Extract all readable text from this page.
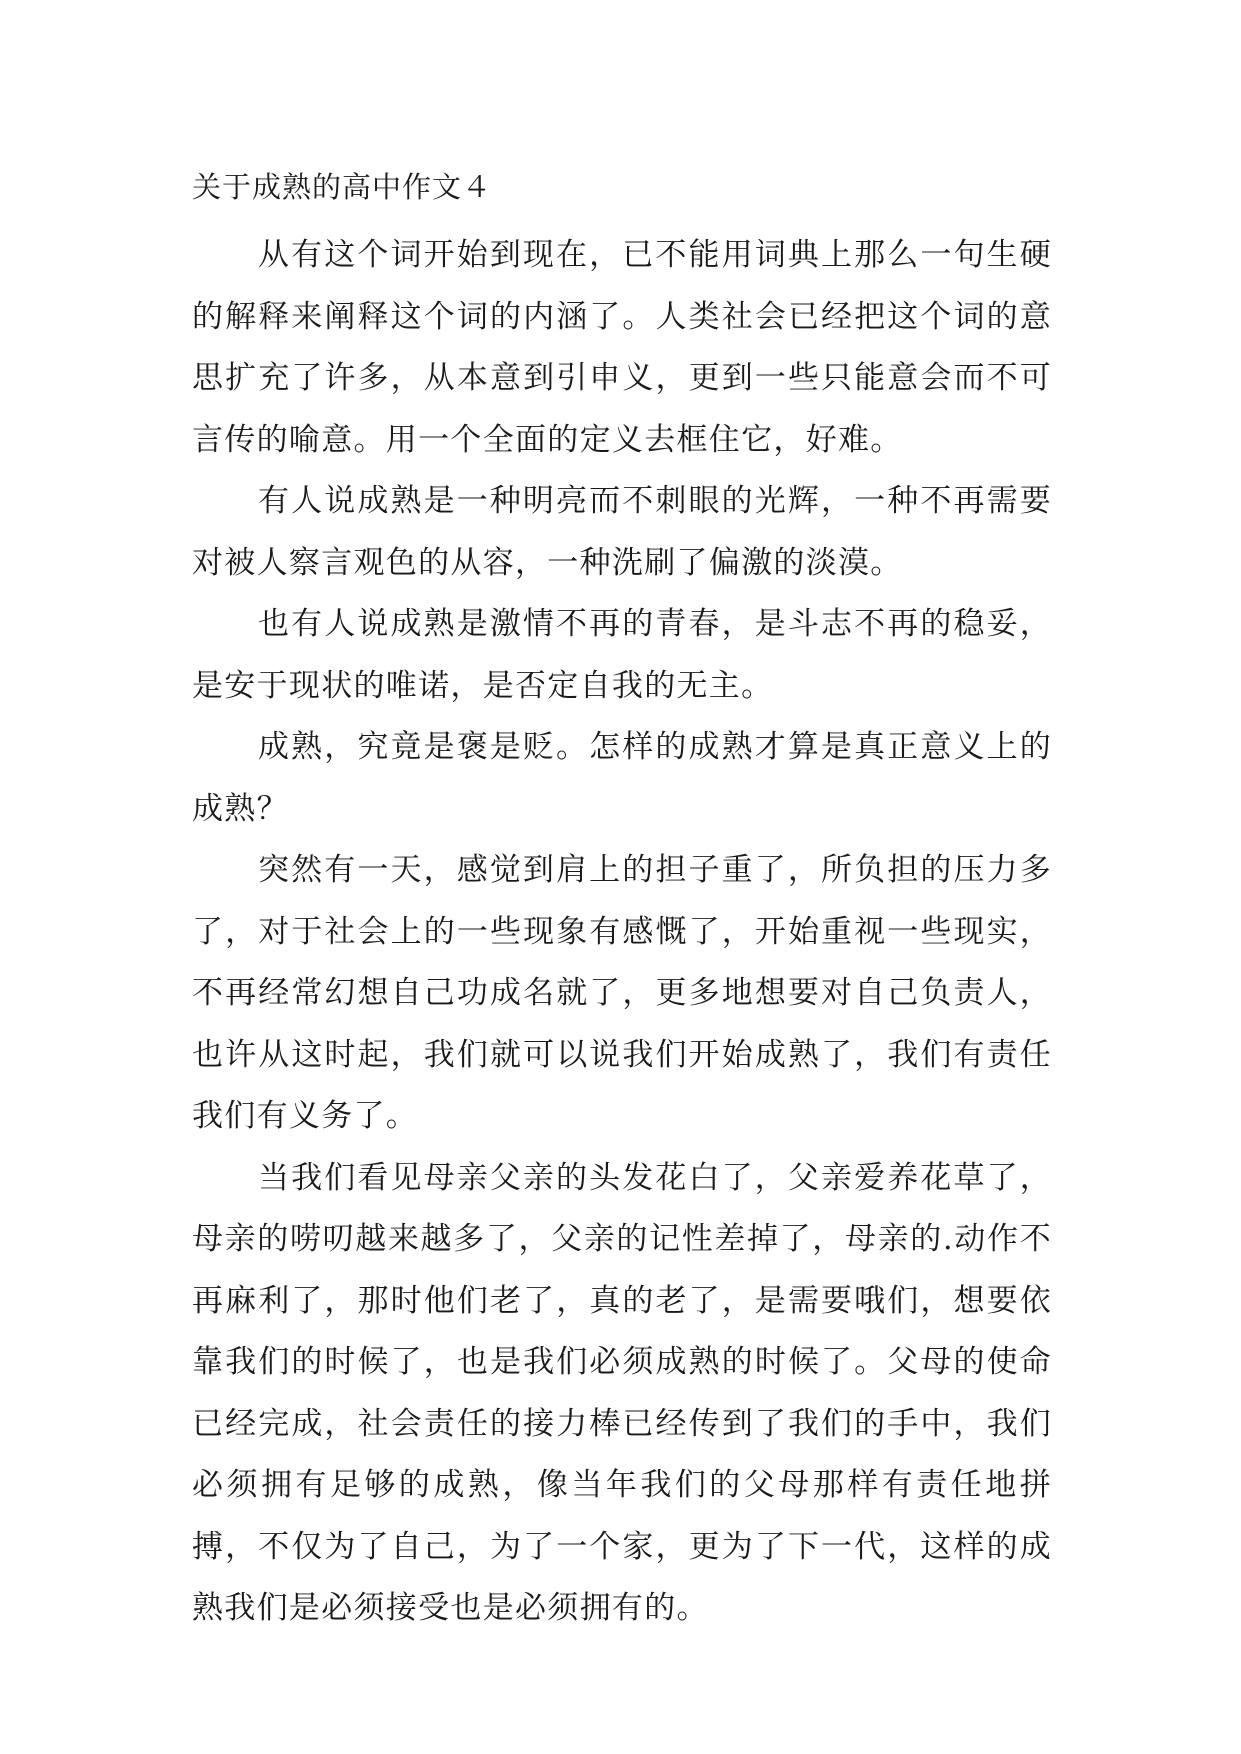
关于成熟的高中作文４

从有这个词开始到现在，已不能用词典上那么一句生硬的解释来阐释这个词的内涵了。人类社会已经把这个词的意思扩充了许多，从本意到引申义，更到一些只能意会而不可言传的喻意。用一个全面的定义去框住它，好难。

有人说成熟是一种明亮而不刺眼的光辉，一种不再需要对被人察言观色的从容，一种洗刷了偏激的淡漠。

也有人说成熟是激情不再的青春，是斗志不再的稳妥，是安于现状的唯诺，是否定自我的无主。

成熟，究竟是褒是贬。怎样的成熟才算是真正意义上的成熟？

突然有一天，感觉到肩上的担子重了，所负担的压力多了，对于社会上的一些现象有感慨了，开始重视一些现实，不再经常幻想自己功成名就了，更多地想要对自己负责人，也许从这时起，我们就可以说我们开始成熟了，我们有责任我们有义务了。

当我们看见母亲父亲的头发花白了，父亲爱养花草了，母亲的唠叨越来越多了，父亲的记性差掉了，母亲的.动作不再麻利了，那时他们老了，真的老了，是需要哦们，想要依靠我们的时候了，也是我们必须成熟的时候了。父母的使命已经完成，社会责任的接力棒已经传到了我们的手中，我们必须拥有足够的成熟，像当年我们的父母那样有责任地拼搏，不仅为了自己，为了一个家，更为了下一代，这样的成熟我们是必须接受也是必须拥有的。
